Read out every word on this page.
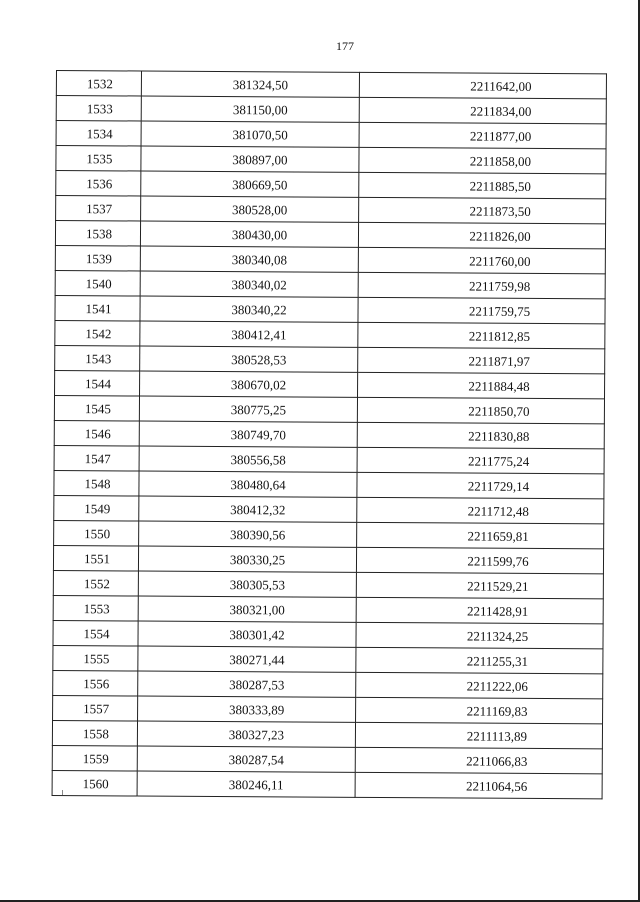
177
1532	381324,50	2211642,00
1533	381150,00	2211834,00
1534	381070,50	2211877,00
1535	380897,00	2211858,00
1536	380669,50	2211885,50
1537	380528,00	2211873,50
1538	380430,00	2211826,00
1539	380340,08	2211760,00
1540	380340,02	2211759,98
1541	380340,22	2211759,75
1542	380412,41	2211812,85
1543	380528,53	2211871,97
1544	380670,02	2211884,48
1545	380775,25	2211850,70
1546	380749,70	2211830,88
1547	380556,58	2211775,24
1548	380480,64	2211729,14
1549	380412,32	2211712,48
1550	380390,56	2211659,81
1551	380330,25	2211599,76
1552	380305,53	2211529,21
1553	380321,00	2211428,91
1554	380301,42	2211324,25
1555	380271,44	2211255,31
1556	380287,53	2211222,06
1557	380333,89	2211169,83
1558	380327,23	2211113,89
1559	380287,54	2211066,83
1560	380246,11	2211064,56
